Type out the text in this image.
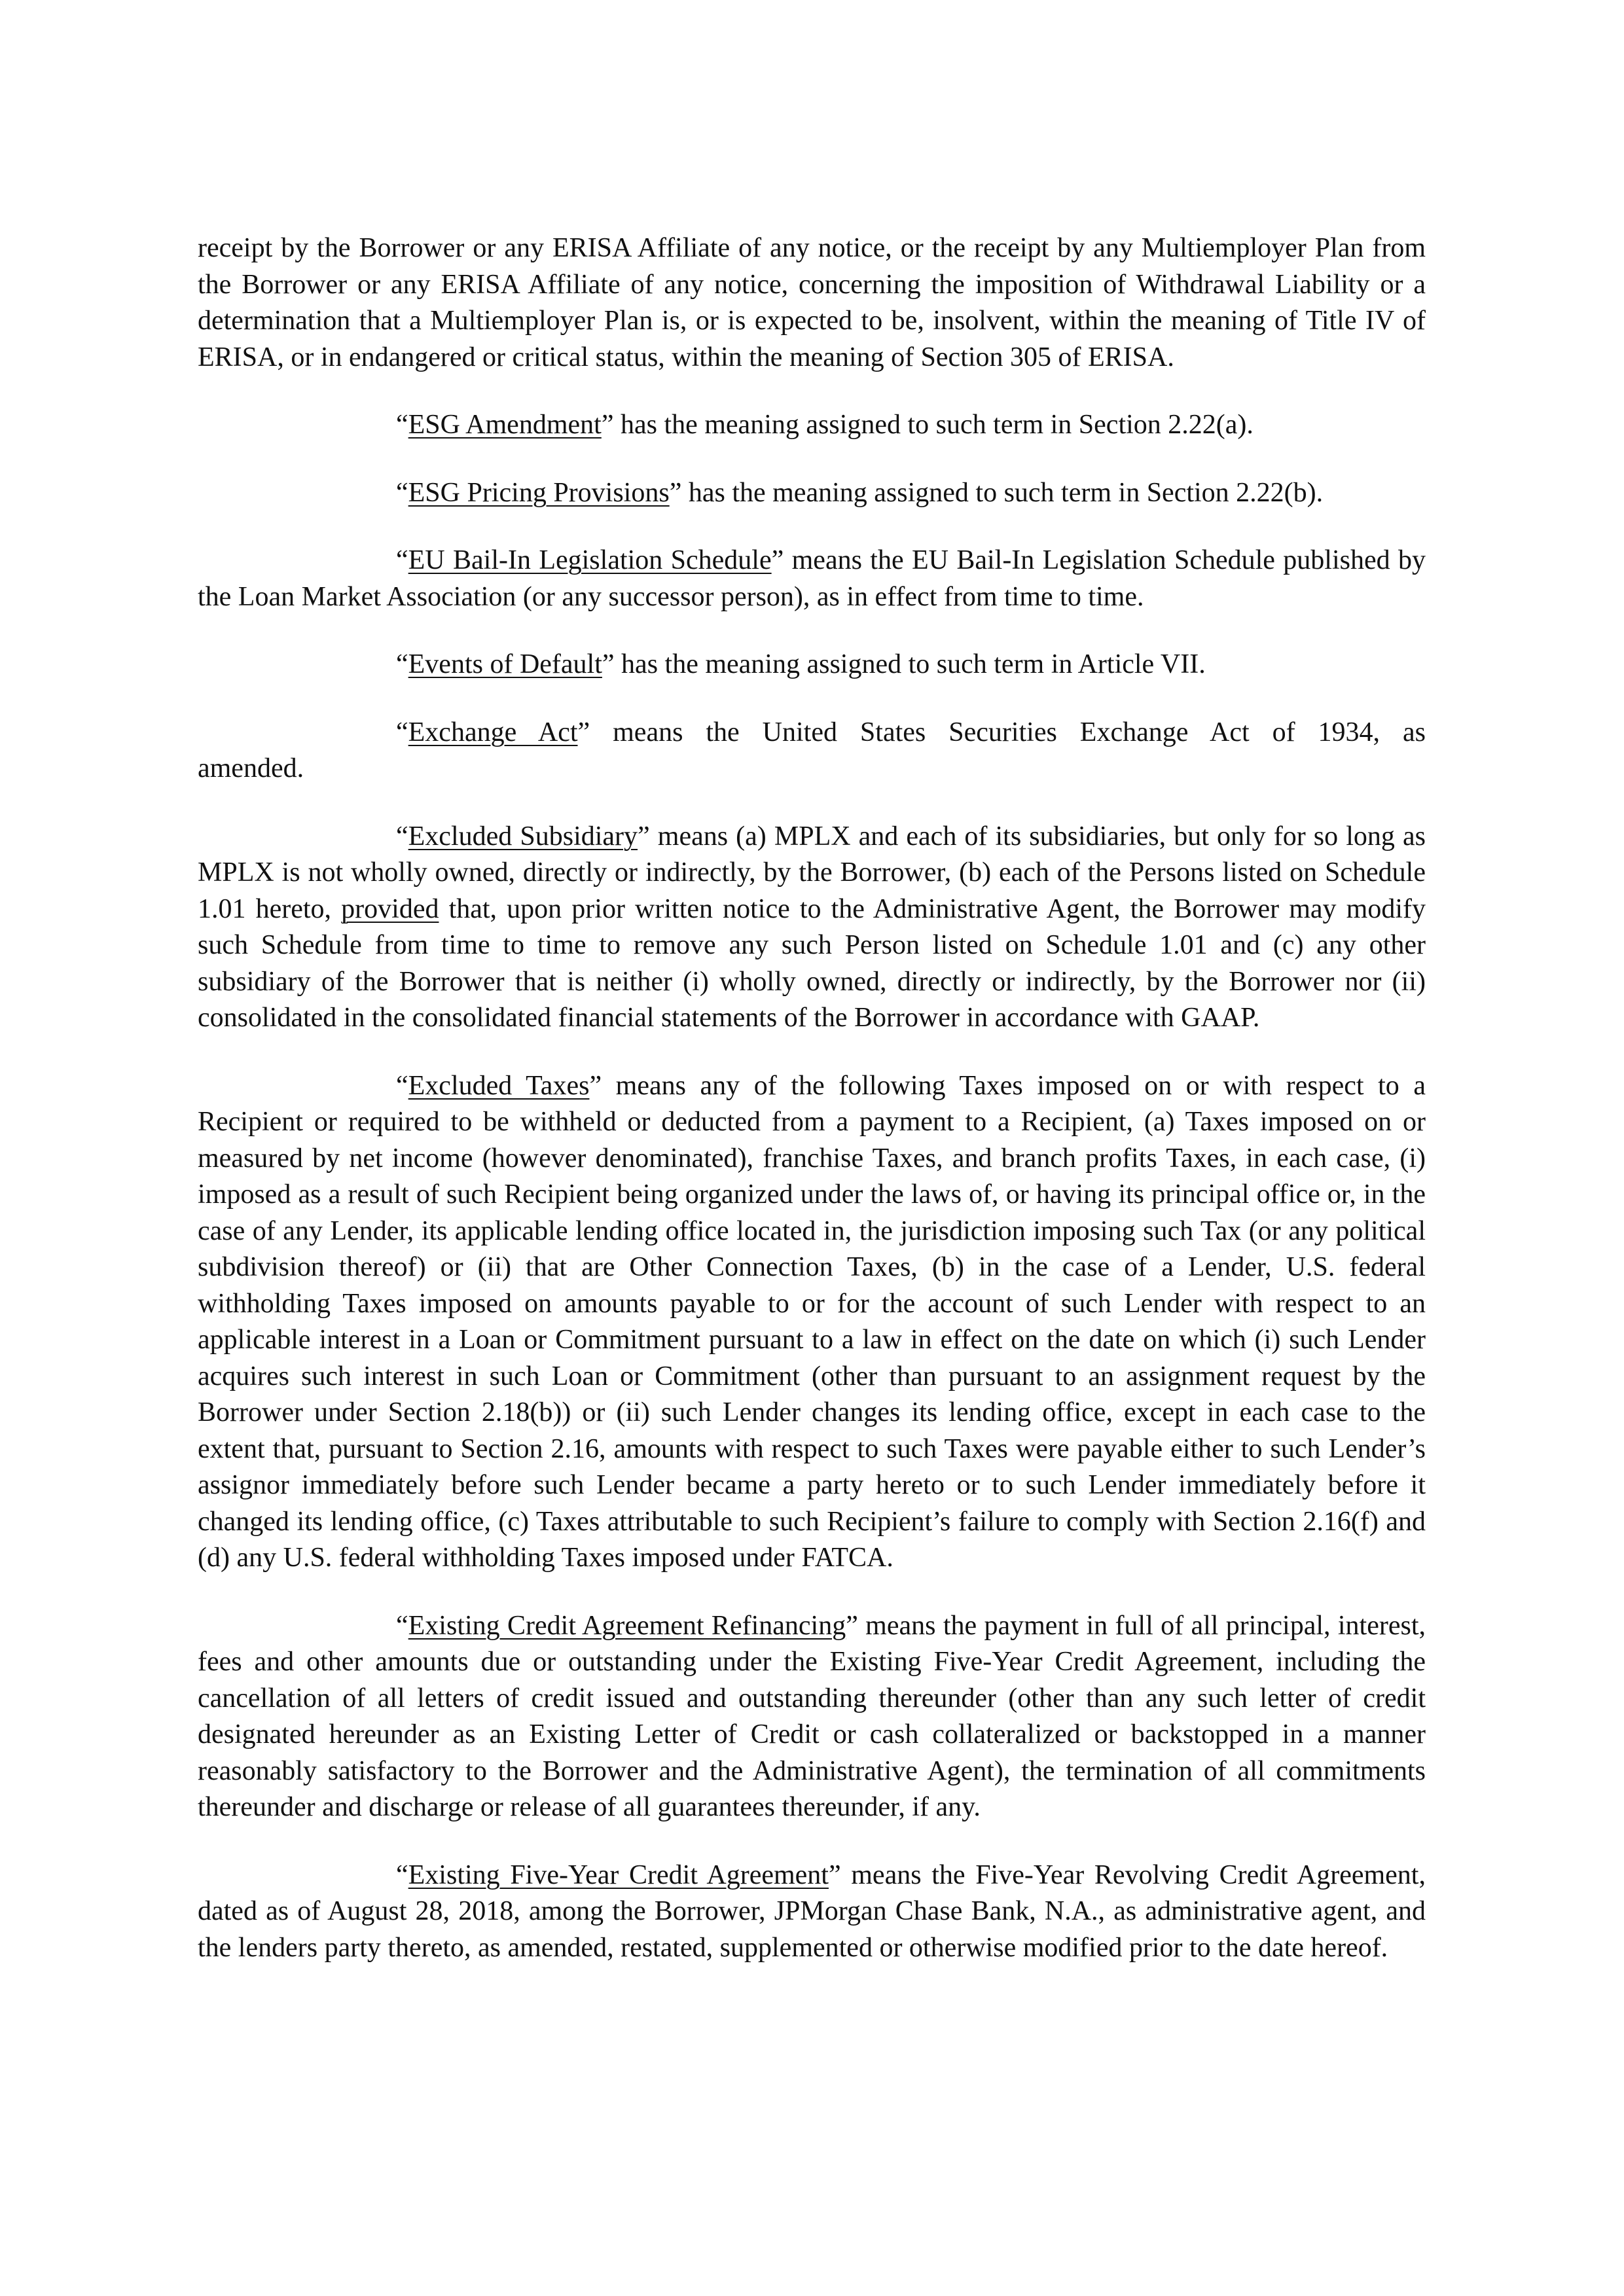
receipt by the Borrower or any ERISA Affiliate of any notice, or the receipt by any Multiemployer Plan from the Borrower or any ERISA Affiliate of any notice, concerning the imposition of Withdrawal Liability or a determination that a Multiemployer Plan is, or is expected to be, insolvent, within the meaning of Title IV of ERISA, or in endangered or critical status, within the meaning of Section 305 of ERISA.

“ESG Amendment” has the meaning assigned to such term in Section 2.22(a).

“ESG Pricing Provisions” has the meaning assigned to such term in Section 2.22(b).

“EU Bail-In Legislation Schedule” means the EU Bail-In Legislation Schedule published by the Loan Market Association (or any successor person), as in effect from time to time.

“Events of Default” has the meaning assigned to such term in Article VII.

“Exchange Act” means the United States Securities Exchange Act of 1934, as

amended.

“Excluded Subsidiary” means (a) MPLX and each of its subsidiaries, but only for so long as MPLX is not wholly owned, directly or indirectly, by the Borrower, (b) each of the Persons listed on Schedule 1.01 hereto, provided that, upon prior written notice to the Administrative Agent, the Borrower may modify such Schedule from time to time to remove any such Person listed on Schedule 1.01 and (c) any other subsidiary of the Borrower that is neither (i) wholly owned, directly or indirectly, by the Borrower nor (ii) consolidated in the consolidated financial statements of the Borrower in accordance with GAAP.

“Excluded Taxes” means any of the following Taxes imposed on or with respect to a Recipient or required to be withheld or deducted from a payment to a Recipient, (a) Taxes imposed on or measured by net income (however denominated), franchise Taxes, and branch profits Taxes, in each case, (i) imposed as a result of such Recipient being organized under the laws of, or having its principal office or, in the case of any Lender, its applicable lending office located in, the jurisdiction imposing such Tax (or any political subdivision thereof) or (ii) that are Other Connection Taxes, (b) in the case of a Lender, U.S. federal withholding Taxes imposed on amounts payable to or for the account of such Lender with respect to an applicable interest in a Loan or Commitment pursuant to a law in effect on the date on which (i) such Lender acquires such interest in such Loan or Commitment (other than pursuant to an assignment request by the Borrower under Section 2.18(b)) or (ii) such Lender changes its lending office, except in each case to the extent that, pursuant to Section 2.16, amounts with respect to such Taxes were payable either to such Lender’s assignor immediately before such Lender became a party hereto or to such Lender immediately before it changed its lending office, (c) Taxes attributable to such Recipient’s failure to comply with Section 2.16(f) and (d) any U.S. federal withholding Taxes imposed under FATCA.

“Existing Credit Agreement Refinancing” means the payment in full of all principal, interest, fees and other amounts due or outstanding under the Existing Five-Year Credit Agreement, including the cancellation of all letters of credit issued and outstanding thereunder (other than any such letter of credit designated hereunder as an Existing Letter of Credit or cash collateralized or backstopped in a manner reasonably satisfactory to the Borrower and the Administrative Agent), the termination of all commitments thereunder and discharge or release of all guarantees thereunder, if any.

“Existing Five-Year Credit Agreement” means the Five-Year Revolving Credit Agreement, dated as of August 28, 2018, among the Borrower, JPMorgan Chase Bank, N.A., as administrative agent, and the lenders party thereto, as amended, restated, supplemented or otherwise modified prior to the date hereof.
